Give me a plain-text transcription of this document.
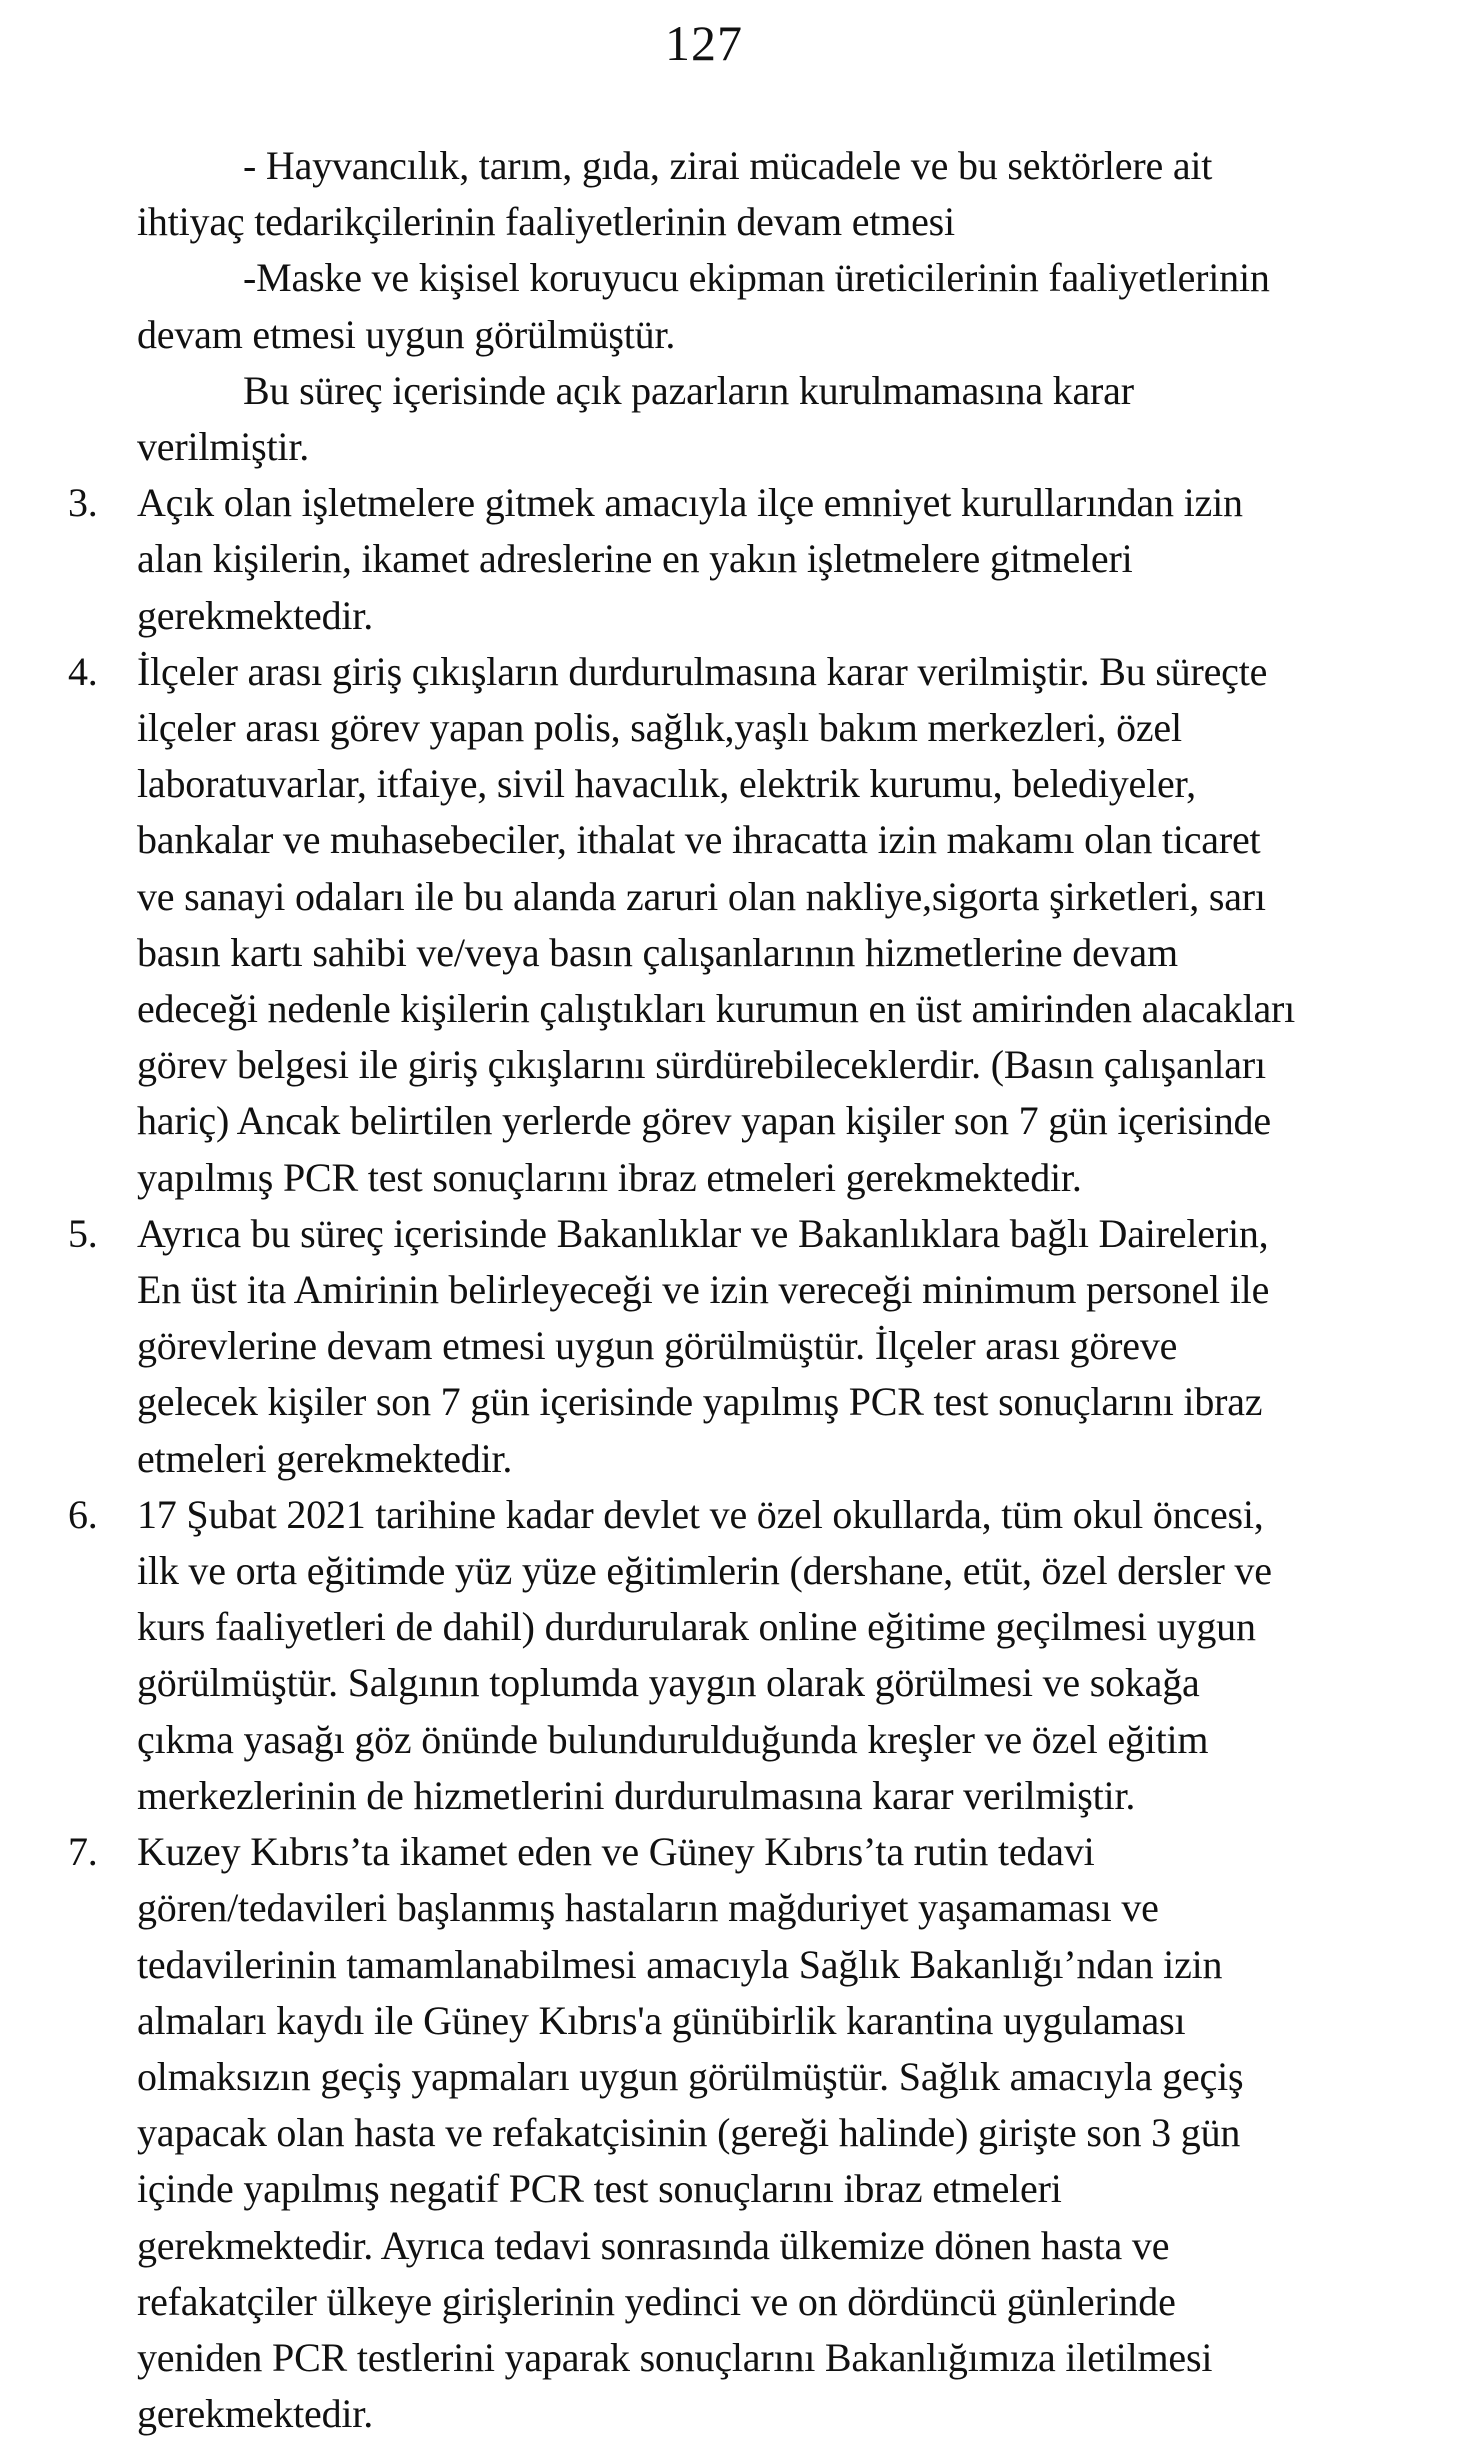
127
- Hayvancılık, tarım, gıda, zirai mücadele ve bu sektörlere ait
ihtiyaç tedarikçilerinin faaliyetlerinin devam etmesi
-Maske ve kişisel koruyucu ekipman üreticilerinin faaliyetlerinin
devam etmesi uygun görülmüştür.
Bu süreç içerisinde açık pazarların kurulmamasına karar
verilmiştir.
3. Açık olan işletmelere gitmek amacıyla ilçe emniyet kurullarından izin
alan kişilerin, ikamet adreslerine en yakın işletmelere gitmeleri
gerekmektedir.
4. İlçeler arası giriş çıkışların durdurulmasına karar verilmiştir. Bu süreçte
ilçeler arası görev yapan polis, sağlık,yaşlı bakım merkezleri, özel
laboratuvarlar, itfaiye, sivil havacılık, elektrik kurumu, belediyeler,
bankalar ve muhasebeciler, ithalat ve ihracatta izin makamı olan ticaret
ve sanayi odaları ile bu alanda zaruri olan nakliye,sigorta şirketleri, sarı
basın kartı sahibi ve/veya basın çalışanlarının hizmetlerine devam
edeceği nedenle kişilerin çalıştıkları kurumun en üst amirinden alacakları
görev belgesi ile giriş çıkışlarını sürdürebileceklerdir. (Basın çalışanları
hariç) Ancak belirtilen yerlerde görev yapan kişiler son 7 gün içerisinde
yapılmış PCR test sonuçlarını ibraz etmeleri gerekmektedir.
5. Ayrıca bu süreç içerisinde Bakanlıklar ve Bakanlıklara bağlı Dairelerin,
En üst ita Amirinin belirleyeceği ve izin vereceği minimum personel ile
görevlerine devam etmesi uygun görülmüştür. İlçeler arası göreve
gelecek kişiler son 7 gün içerisinde yapılmış PCR test sonuçlarını ibraz
etmeleri gerekmektedir.
6. 17 Şubat 2021 tarihine kadar devlet ve özel okullarda, tüm okul öncesi,
ilk ve orta eğitimde yüz yüze eğitimlerin (dershane, etüt, özel dersler ve
kurs faaliyetleri de dahil) durdurularak online eğitime geçilmesi uygun
görülmüştür. Salgının toplumda yaygın olarak görülmesi ve sokağa
çıkma yasağı göz önünde bulundurulduğunda kreşler ve özel eğitim
merkezlerinin de hizmetlerini durdurulmasına karar verilmiştir.
7. Kuzey Kıbrıs’ta ikamet eden ve Güney Kıbrıs’ta rutin tedavi
gören/tedavileri başlanmış hastaların mağduriyet yaşamaması ve
tedavilerinin tamamlanabilmesi amacıyla Sağlık Bakanlığı’ndan izin
almaları kaydı ile Güney Kıbrıs'a günübirlik karantina uygulaması
olmaksızın geçiş yapmaları uygun görülmüştür. Sağlık amacıyla geçiş
yapacak olan hasta ve refakatçisinin (gereği halinde) girişte son 3 gün
içinde yapılmış negatif PCR test sonuçlarını ibraz etmeleri
gerekmektedir. Ayrıca tedavi sonrasında ülkemize dönen hasta ve
refakatçiler ülkeye girişlerinin yedinci ve on dördüncü günlerinde
yeniden PCR testlerini yaparak sonuçlarını Bakanlığımıza iletilmesi
gerekmektedir.
